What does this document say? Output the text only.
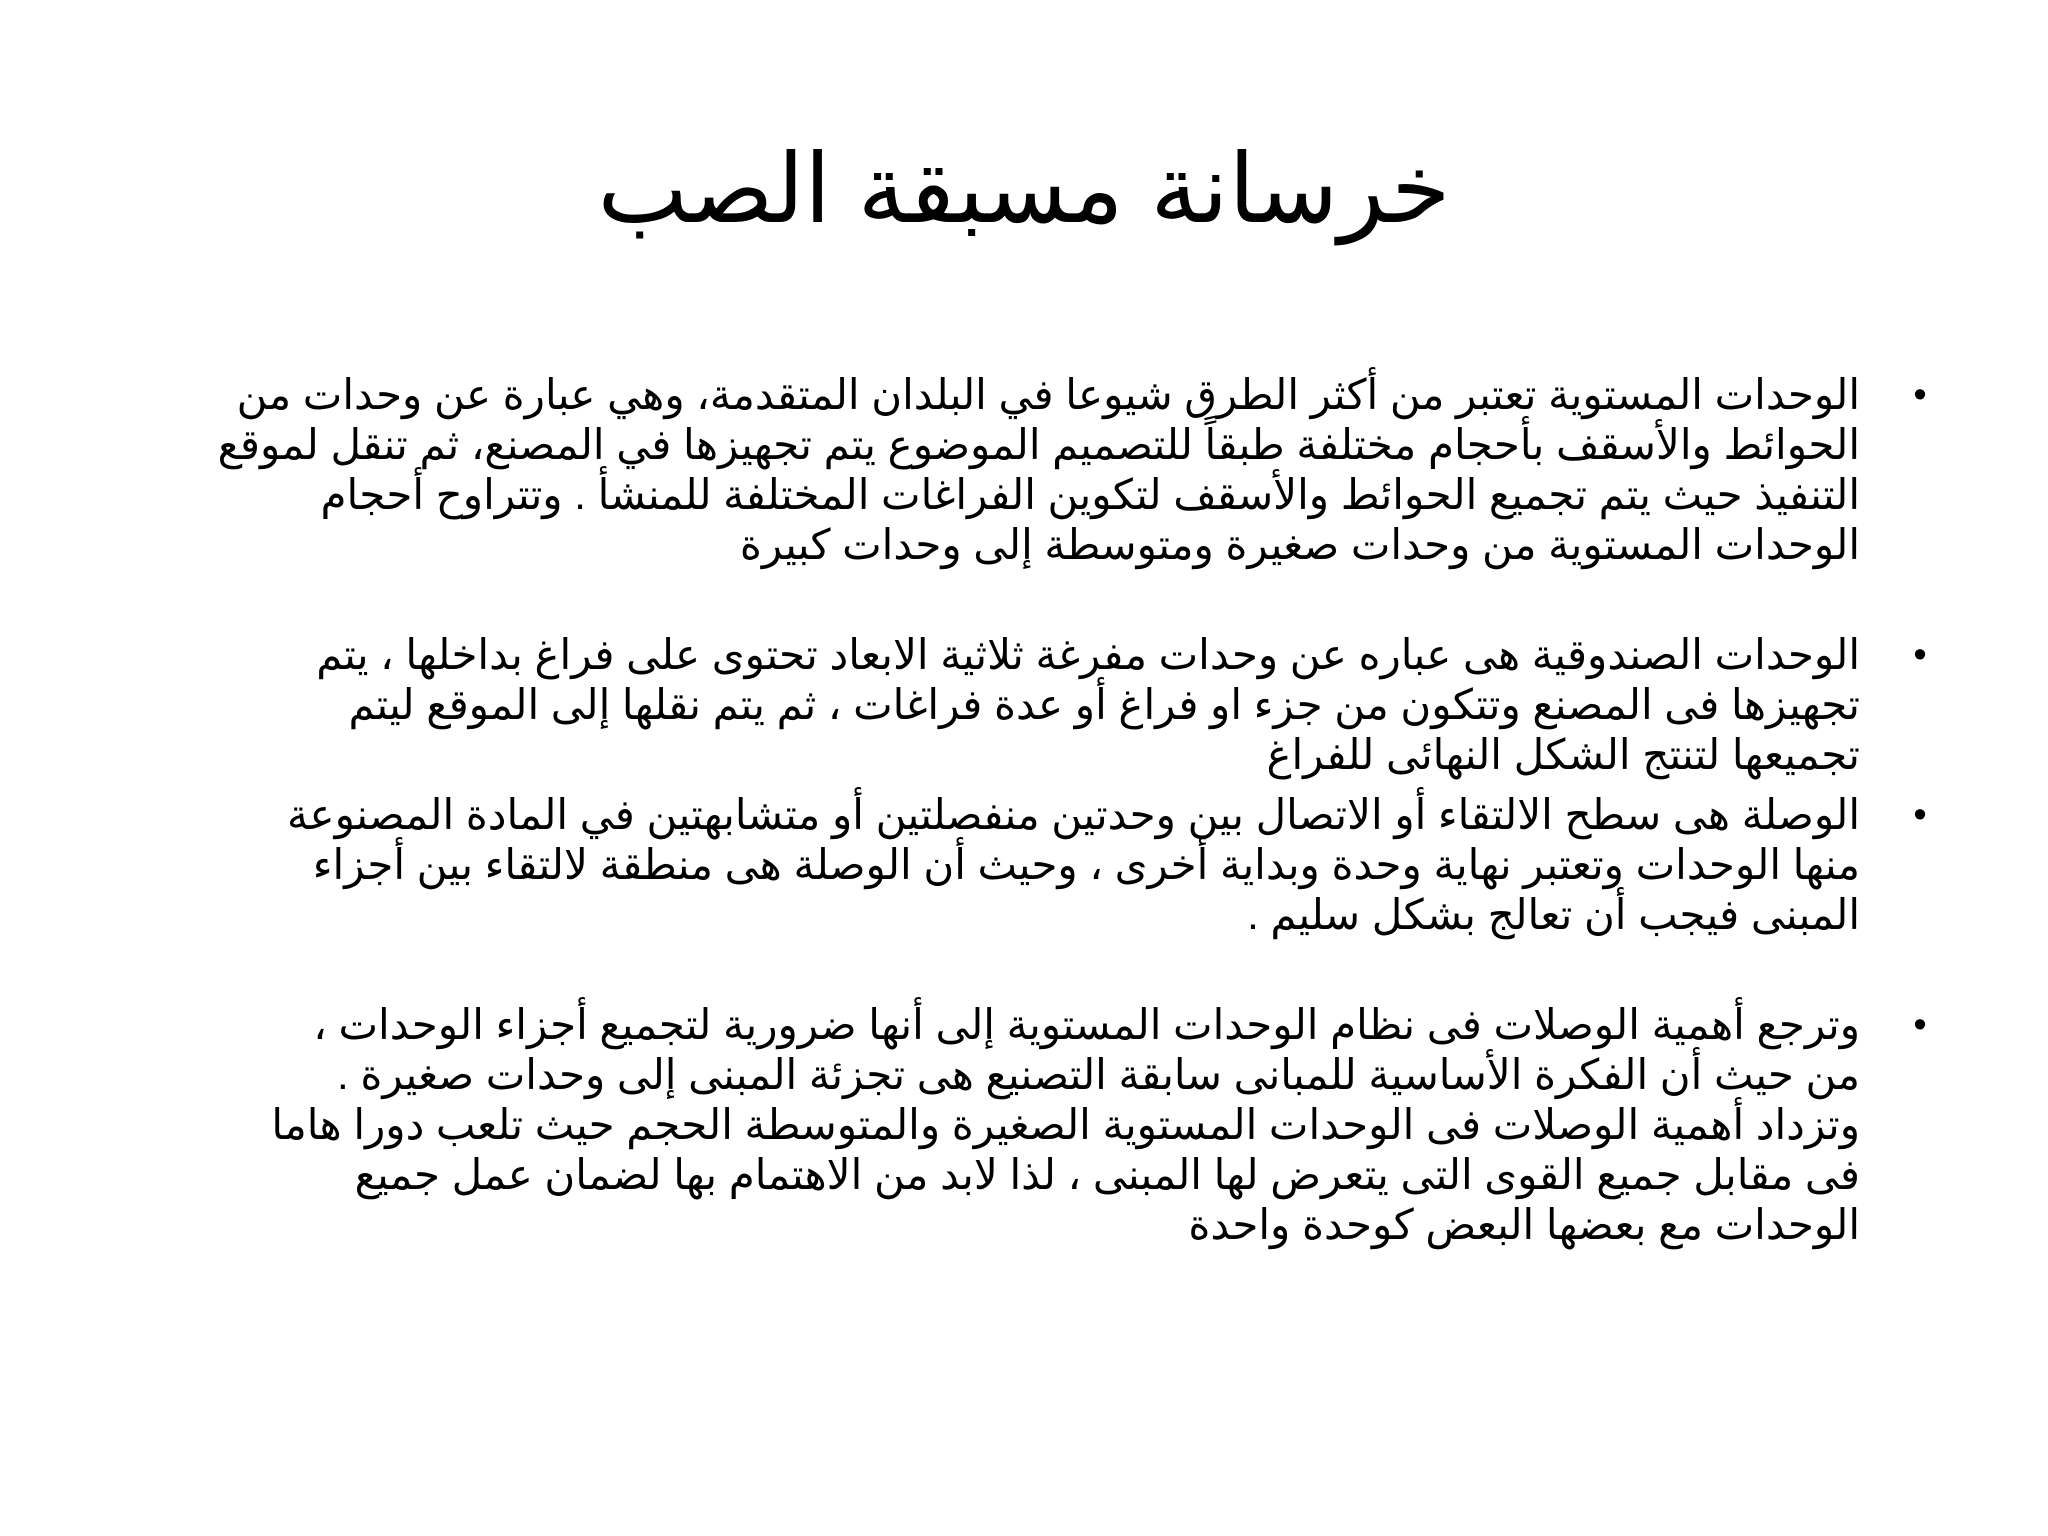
خرسانة مسبقة الصب
•
الوحدات المستوية تعتبر من أكثر الطرق شيوعا في البلدان المتقدمة، وهي عبارة عن وحدات من
الحوائط والأسقف بأحجام مختلفة طبقاً للتصميم الموضوع يتم تجهيزها في المصنع، ثم تنقل لموقع
التنفيذ حيث يتم تجميع الحوائط والأسقف لتكوين الفراغات المختلفة للمنشأ . وتتراوح أحجام
الوحدات المستوية من وحدات صغيرة ومتوسطة إلى وحدات كبيرة
•
الوحدات الصندوقية هى عباره عن وحدات مفرغة ثلاثية الابعاد تحتوى على فراغ بداخلها ، يتم
تجهيزها فى المصنع وتتكون من جزء او فراغ أو عدة فراغات ، ثم يتم نقلها إلى الموقع ليتم
تجميعها لتنتج الشكل النهائى للفراغ
•
الوصلة هى سطح الالتقاء أو الاتصال بين وحدتين منفصلتين أو متشابهتين في المادة المصنوعة
منها الوحدات وتعتبر نهاية وحدة وبداية أخرى ، وحيث أن الوصلة هى منطقة لالتقاء بين أجزاء
المبنى فيجب أن تعالج بشكل سليم .
•
وترجع أهمية الوصلات فى نظام الوحدات المستوية إلى أنها ضرورية لتجميع أجزاء الوحدات ،
من حيث أن الفكرة الأساسية للمبانى سابقة التصنيع هى تجزئة المبنى إلى وحدات صغيرة .
وتزداد أهمية الوصلات فى الوحدات المستوية الصغيرة والمتوسطة الحجم حيث تلعب دورا هاما
فى مقابل جميع القوى التى يتعرض لها المبنى ، لذا لابد من الاهتمام بها لضمان عمل جميع
الوحدات مع بعضها البعض كوحدة واحدة
